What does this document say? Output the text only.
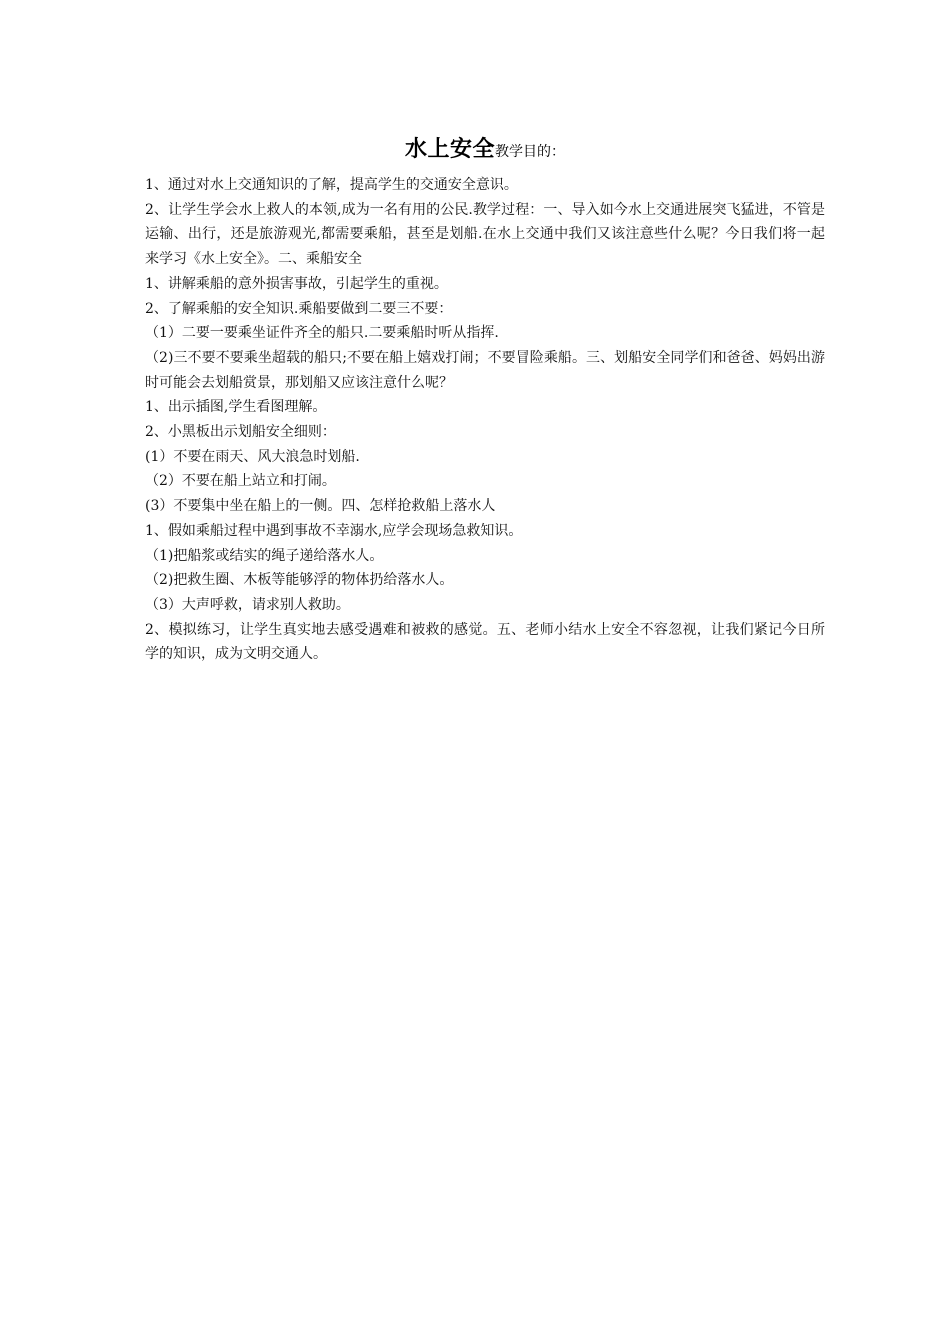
水上安全教学目的：

1、通过对水上交通知识的了解，提高学生的交通安全意识。

2、让学生学会水上救人的本领,成为一名有用的公民.教学过程：一、导入如今水上交通进展突飞猛进，不管是运输、出行，还是旅游观光,都需要乘船，甚至是划船.在水上交通中我们又该注意些什么呢？今日我们将一起来学习《水上安全》。二、乘船安全

1、讲解乘船的意外损害事故，引起学生的重视。

2、了解乘船的安全知识.乘船要做到二要三不要：

（1）二要一要乘坐证件齐全的船只.二要乘船时听从指挥.

（2)三不要不要乘坐超载的船只;不要在船上嬉戏打闹；不要冒险乘船。三、划船安全同学们和爸爸、妈妈出游时可能会去划船赏景，那划船又应该注意什么呢？

1、出示插图,学生看图理解。

2、小黑板出示划船安全细则：

(1）不要在雨天、风大浪急时划船.

（2）不要在船上站立和打闹。

(3）不要集中坐在船上的一侧。四、怎样抢救船上落水人

1、假如乘船过程中遇到事故不幸溺水,应学会现场急救知识。

（1)把船浆或结实的绳子递给落水人。

（2)把救生圈、木板等能够浮的物体扔给落水人。

（3）大声呼救，请求别人救助。

2、模拟练习，让学生真实地去感受遇难和被救的感觉。五、老师小结水上安全不容忽视，让我们紧记今日所学的知识，成为文明交通人。
